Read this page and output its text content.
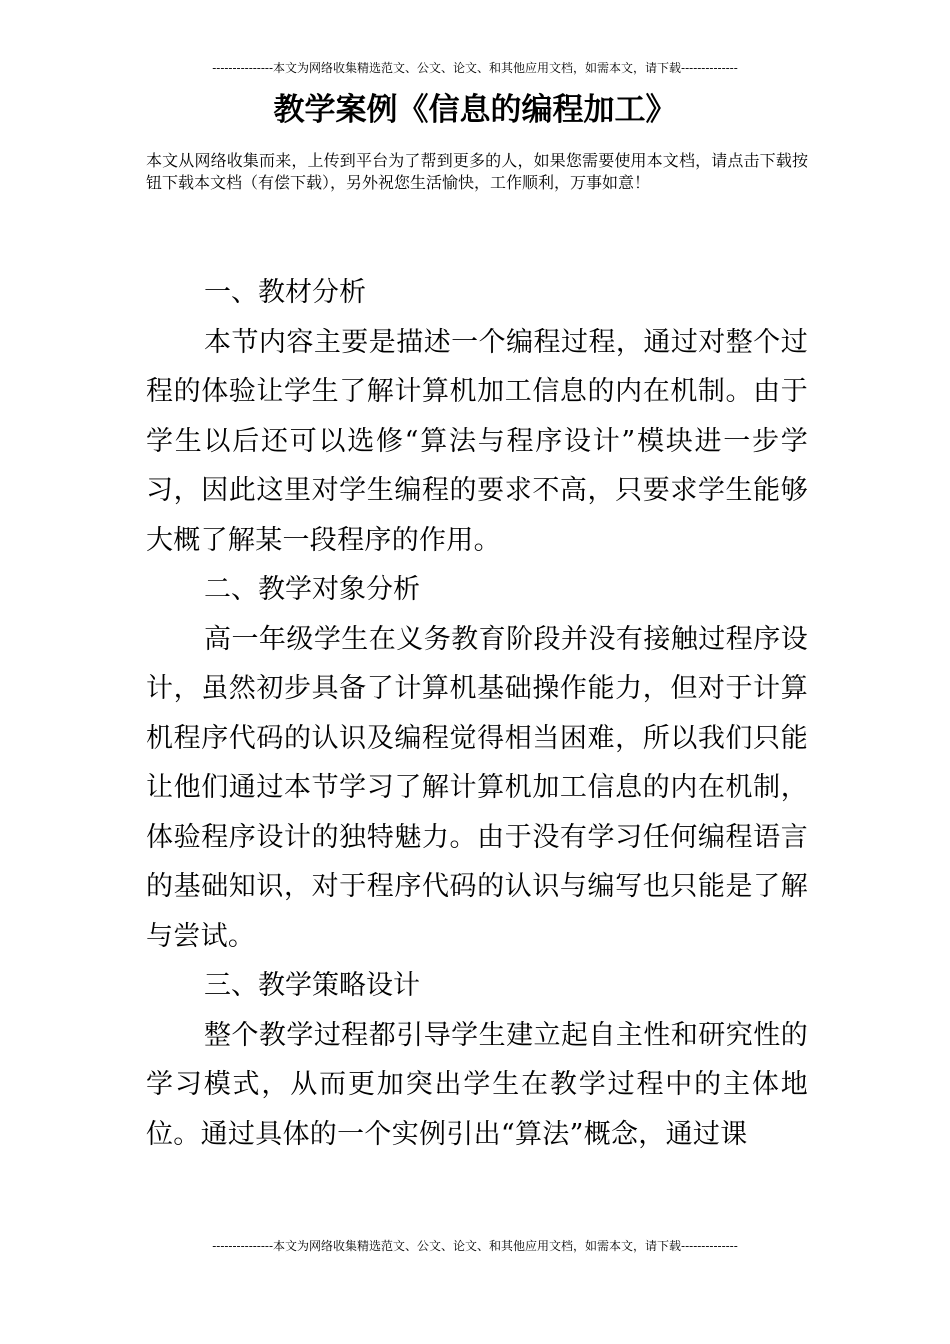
---------------本文为网络收集精选范文、公文、论文、和其他应用文档，如需本文，请下载--------------
教学案例《信息的编程加工》

本文从网络收集而来，上传到平台为了帮到更多的人，如果您需要使用本文档，请点击下载按钮下载本文档（有偿下载），另外祝您生活愉快，工作顺利，万事如意！

一、教材分析

本节内容主要是描述一个编程过程，通过对整个过程的体验让学生了解计算机加工信息的内在机制。由于学生以后还可以选修“算法与程序设计”模块进一步学习，因此这里对学生编程的要求不高，只要求学生能够大概了解某一段程序的作用。

二、教学对象分析

高一年级学生在义务教育阶段并没有接触过程序设计，虽然初步具备了计算机基础操作能力，但对于计算机程序代码的认识及编程觉得相当困难，所以我们只能让他们通过本节学习了解计算机加工信息的内在机制，体验程序设计的独特魅力。由于没有学习任何编程语言的基础知识，对于程序代码的认识与编写也只能是了解与尝试。

三、教学策略设计

整个教学过程都引导学生建立起自主性和研究性的学习模式，从而更加突出学生在教学过程中的主体地位。通过具体的一个实例引出“算法”概念，通过课

---------------本文为网络收集精选范文、公文、论文、和其他应用文档，如需本文，请下载--------------
